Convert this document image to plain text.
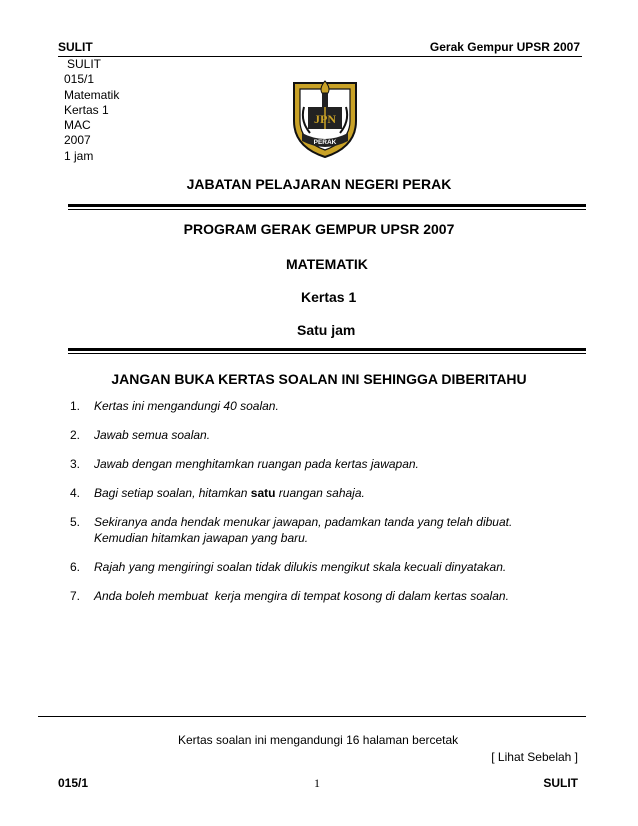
SULIT	Gerak Gempur UPSR 2007
SULIT
015/1
Matematik
Kertas 1
MAC
2007
1 jam
JPN
PERAK
JABATAN PELAJARAN NEGERI PERAK
PROGRAM GERAK GEMPUR UPSR 2007
MATEMATIK
Kertas 1
Satu jam
JANGAN BUKA KERTAS SOALAN INI SEHINGGA DIBERITAHU
1. Kertas ini mengandungi 40 soalan.
2. Jawab semua soalan.
3. Jawab dengan menghitamkan ruangan pada kertas jawapan.
4. Bagi setiap soalan, hitamkan satu ruangan sahaja.
5. Sekiranya anda hendak menukar jawapan, padamkan tanda yang telah dibuat.
Kemudian hitamkan jawapan yang baru.
6. Rajah yang mengiringi soalan tidak dilukis mengikut skala kecuali dinyatakan.
7. Anda boleh membuat  kerja mengira di tempat kosong di dalam kertas soalan.
Kertas soalan ini mengandungi 16 halaman bercetak
[ Lihat Sebelah ]
015/1	1	SULIT
